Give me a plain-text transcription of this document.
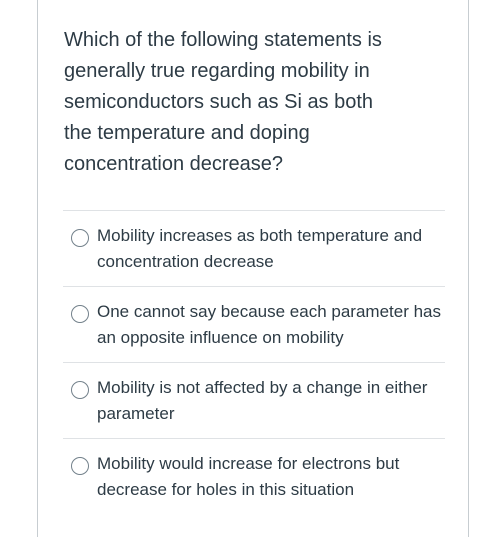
Which of the following statements is generally true regarding mobility in semiconductors such as Si as both the temperature and doping concentration decrease?

Mobility increases as both temperature and concentration decrease
One cannot say because each parameter has an opposite influence on mobility
Mobility is not affected by a change in either parameter
Mobility would increase for electrons but decrease for holes in this situation
